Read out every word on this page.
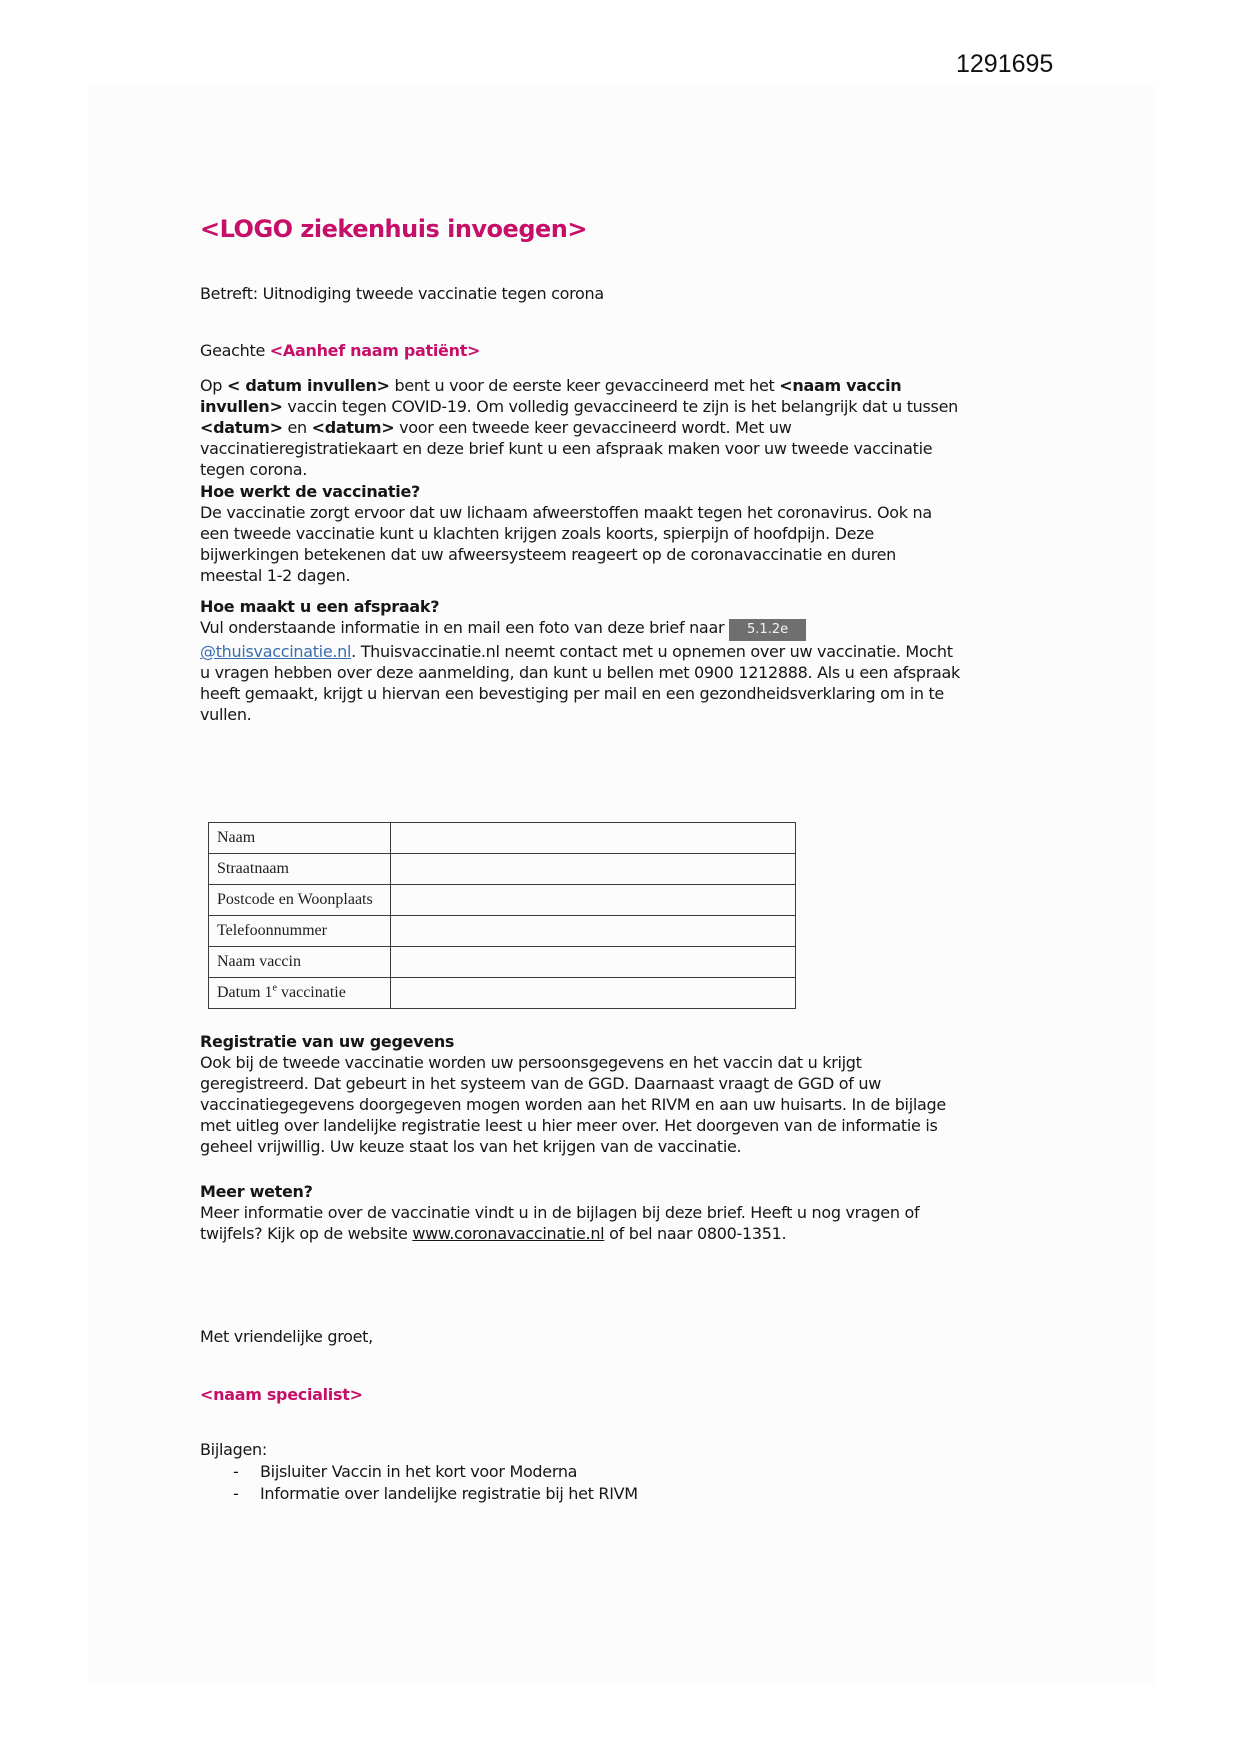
1291695
<LOGO ziekenhuis invoegen>
Betreft: Uitnodiging tweede vaccinatie tegen corona
Geachte <Aanhef naam patiënt>
Op < datum invullen> bent u voor de eerste keer gevaccineerd met het <naam vaccin invullen> vaccin tegen COVID-19. Om volledig gevaccineerd te zijn is het belangrijk dat u tussen <datum> en <datum> voor een tweede keer gevaccineerd wordt. Met uw vaccinatieregistratiekaart en deze brief kunt u een afspraak maken voor uw tweede vaccinatie tegen corona.
Hoe werkt de vaccinatie?
De vaccinatie zorgt ervoor dat uw lichaam afweerstoffen maakt tegen het coronavirus. Ook na een tweede vaccinatie kunt u klachten krijgen zoals koorts, spierpijn of hoofdpijn. Deze bijwerkingen betekenen dat uw afweersysteem reageert op de coronavaccinatie en duren meestal 1-2 dagen.
Hoe maakt u een afspraak?
Vul onderstaande informatie in en mail een foto van deze brief naar 5.1.2e@thuisvaccinatie.nl. Thuisvaccinatie.nl neemt contact met u opnemen over uw vaccinatie. Mocht u vragen hebben over deze aanmelding, dan kunt u bellen met 0900 1212888. Als u een afspraak heeft gemaakt, krijgt u hiervan een bevestiging per mail en een gezondheidsverklaring om in te vullen.
Naam	
Straatnaam	
Postcode en Woonplaats	
Telefoonnummer	
Naam vaccin	
Datum 1e vaccinatie	
Registratie van uw gegevens
Ook bij de tweede vaccinatie worden uw persoonsgegevens en het vaccin dat u krijgt geregistreerd. Dat gebeurt in het systeem van de GGD. Daarnaast vraagt de GGD of uw vaccinatiegegevens doorgegeven mogen worden aan het RIVM en aan uw huisarts. In de bijlage met uitleg over landelijke registratie leest u hier meer over. Het doorgeven van de informatie is geheel vrijwillig. Uw keuze staat los van het krijgen van de vaccinatie.
Meer weten?
Meer informatie over de vaccinatie vindt u in de bijlagen bij deze brief. Heeft u nog vragen of twijfels? Kijk op de website www.coronavaccinatie.nl of bel naar 0800-1351.
Met vriendelijke groet,
<naam specialist>
Bijlagen:
-	Bijsluiter Vaccin in het kort voor Moderna
-	Informatie over landelijke registratie bij het RIVM
